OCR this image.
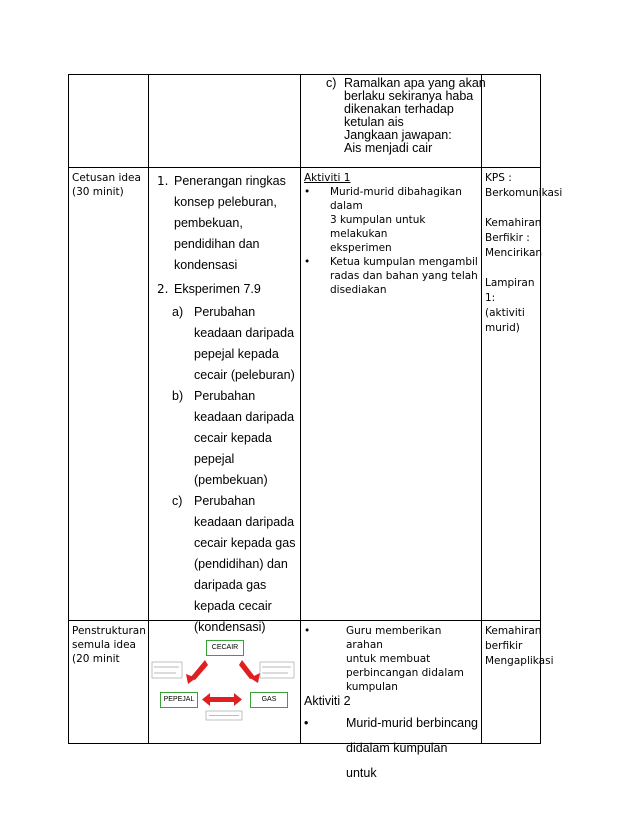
c) Ramalkan apa yang akan
berlaku sekiranya haba
dikenakan terhadap
ketulan ais
Jangkaan jawapan:
Ais menjadi cair
Cetusan idea
(30 minit)
1. Penerangan ringkas
konsep peleburan,
pembekuan,
pendidihan dan
kondensasi
2. Eksperimen 7.9
a) Perubahan
keadaan daripada
pepejal kepada
cecair (peleburan)
b) Perubahan
keadaan daripada
cecair kepada
pepejal
(pembekuan)
c) Perubahan
keadaan daripada
cecair kepada gas
(pendidihan) dan
daripada gas
kepada cecair
(kondensasi)
Aktiviti 1
• Murid-murid dibahagikan dalam
3 kumpulan untuk melakukan
eksperimen
• Ketua kumpulan mengambil
radas dan bahan yang telah
disediakan
KPS :
Berkomunikasi
Kemahiran
Berfikir :
Mencirikan
Lampiran 1:
(aktiviti murid)
Penstrukturan
semula idea
(20 minit
CECAIR
PEPEJAL	GAS
• Guru memberikan arahan
untuk membuat
perbincangan didalam
kumpulan
Aktiviti 2
• Murid-murid berbincang
didalam kumpulan untuk
Kemahiran
berfikir
Mengaplikasi
